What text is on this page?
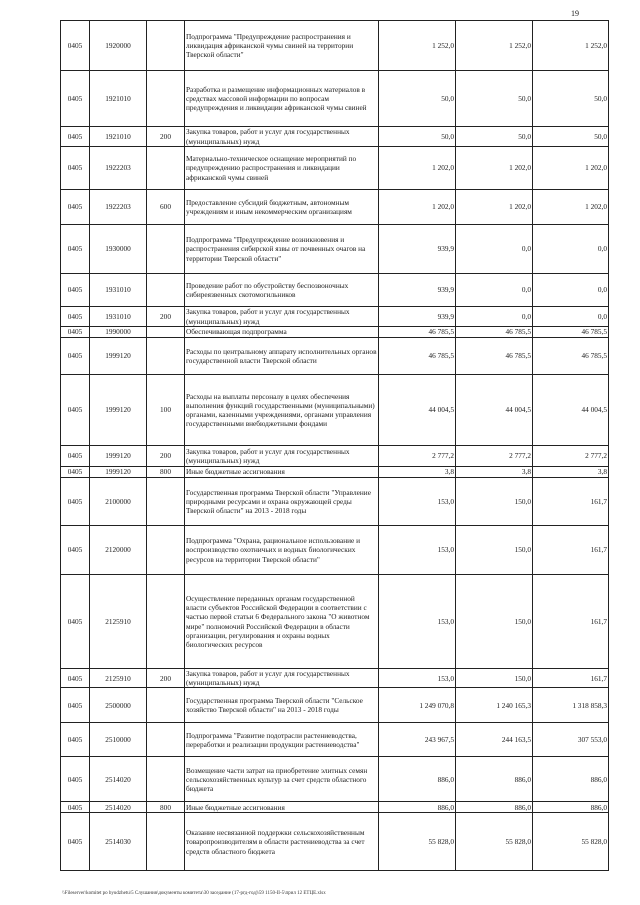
19
0405	1920000		Подпрограмма "Предупреждение распространения и ликвидация африканской чумы свиней на территории Тверской области"	1 252,0	1 252,0	1 252,0
0405	1921010		Разработка и размещение информационных материалов в средствах массовой информации по вопросам предупреждения и ликвидации африканской чумы свиней	50,0	50,0	50,0
0405	1921010	200	Закупка товаров, работ и услуг для государственных (муниципальных) нужд	50,0	50,0	50,0
0405	1922203		Материально-техническое оснащение мероприятий по предупреждению распространения и ликвидации африканской чумы свиней	1 202,0	1 202,0	1 202,0
0405	1922203	600	Предоставление субсидий бюджетным, автономным учреждениям и иным некоммерческим организациям	1 202,0	1 202,0	1 202,0
0405	1930000		Подпрограмма "Предупреждение возникновения и распространения сибирской язвы от почвенных очагов на территории Тверской области"	939,9	0,0	0,0
0405	1931010		Проведение работ по обустройству беспозвоночных сибиреязвенных скотомогильников	939,9	0,0	0,0
0405	1931010	200	Закупка товаров, работ и услуг для государственных (муниципальных) нужд	939,9	0,0	0,0
0405	1990000		Обеспечивающая подпрограмма	46 785,5	46 785,5	46 785,5
0405	1999120		Расходы по центральному аппарату исполнительных органов государственной власти Тверской области	46 785,5	46 785,5	46 785,5
0405	1999120	100	Расходы на выплаты персоналу в целях обеспечения выполнения функций государственными (муниципальными) органами, казенными учреждениями, органами управления государственными внебюджетными фондами	44 004,5	44 004,5	44 004,5
0405	1999120	200	Закупка товаров, работ и услуг для государственных (муниципальных) нужд	2 777,2	2 777,2	2 777,2
0405	1999120	800	Иные бюджетные ассигнования	3,8	3,8	3,8
0405	2100000		Государственная программа Тверской области "Управление природными ресурсами и охрана окружающей среды Тверской области" на 2013 - 2018 годы	153,0	150,0	161,7
0405	2120000		Подпрограмма "Охрана, рациональное использование и воспроизводство охотничьих и водных биологических ресурсов на территории Тверской области"	153,0	150,0	161,7
0405	2125910		Осуществление переданных органам государственной власти субъектов Российской Федерации в соответствии с частью первой статьи 6 Федерального закона "О животном мире" полномочий Российской Федерации в области организации, регулирования и охраны водных биологических ресурсов	153,0	150,0	161,7
0405	2125910	200	Закупка товаров, работ и услуг для государственных (муниципальных) нужд	153,0	150,0	161,7
0405	2500000		Государственная программа Тверской области "Сельское хозяйство Тверской области" на 2013 - 2018 годы	1 249 070,8	1 240 165,3	1 318 858,3
0405	2510000		Подпрограмма "Развитие подотрасли растениеводства, переработки и реализации продукции растениеводства"	243 967,5	244 163,5	307 553,0
0405	2514020		Возмещение части затрат на приобретение элитных семян сельскохозяйственных культур за счет средств областного бюджета	886,0	886,0	886,0
0405	2514020	800	Иные бюджетные ассигнования	886,0	886,0	886,0
0405	2514030		Оказание несвязанной поддержки сельскохозяйственным товаропроизводителям в области растениеводства за счет средств областного бюджета	55 828,0	55 828,0	55 828,0
\\Fileserver\komitet po byudzhetu\5 Слушания\документы комитета\30 заседание (17-ргд-год)\59 1150-II-5\прил 12 ЕТЦЕ.xlsx
